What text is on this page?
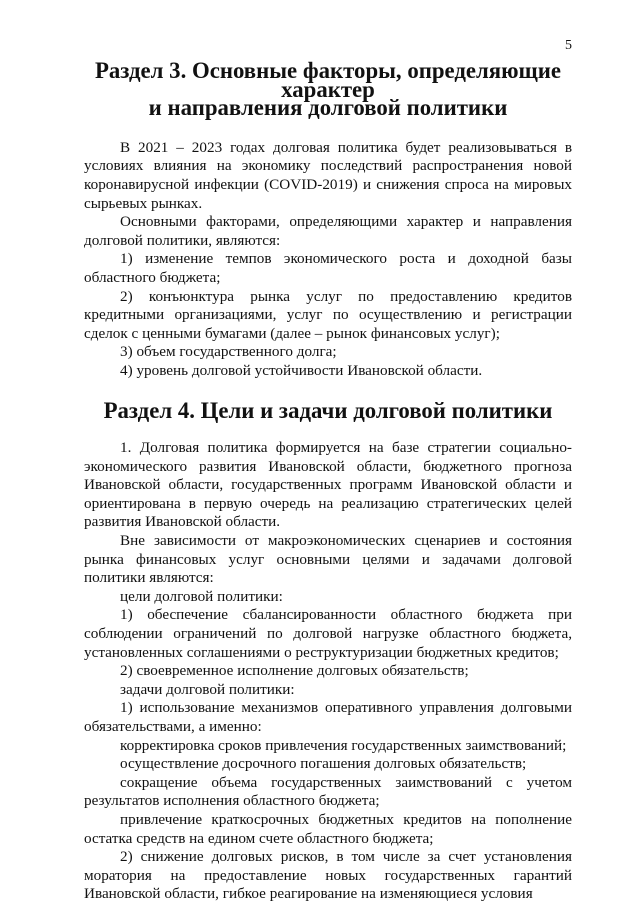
5
Раздел 3. Основные факторы, определяющие характер
и направления долговой политики

В 2021 – 2023 годах долговая политика будет реализовываться в условиях влияния на экономику последствий распространения новой коронавирусной инфекции (COVID-2019) и снижения спроса на мировых сырьевых рынках.

Основными факторами, определяющими характер и направления долговой политики, являются:

1) изменение темпов экономического роста и доходной базы областного бюджета;

2) конъюнктура рынка услуг по предоставлению кредитов кредитными организациями, услуг по осуществлению и регистрации сделок с ценными бумагами (далее – рынок финансовых услуг);

3) объем государственного долга;

4) уровень долговой устойчивости Ивановской области.

Раздел 4. Цели и задачи долговой политики

1. Долговая политика формируется на базе стратегии социально-экономического развития Ивановской области, бюджетного прогноза Ивановской области, государственных программ Ивановской области и ориентирована в первую очередь на реализацию стратегических целей развития Ивановской области.

Вне зависимости от макроэкономических сценариев и состояния рынка финансовых услуг основными целями и задачами долговой политики являются:

цели долговой политики:

1) обеспечение сбалансированности областного бюджета при соблюдении ограничений по долговой нагрузке областного бюджета, установленных соглашениями о реструктуризации бюджетных кредитов;

2) своевременное исполнение долговых обязательств;

задачи долговой политики:

1) использование механизмов оперативного управления долговыми обязательствами, а именно:

корректировка сроков привлечения государственных заимствований;

осуществление досрочного погашения долговых обязательств;

сокращение объема государственных заимствований с учетом результатов исполнения областного бюджета;

привлечение краткосрочных бюджетных кредитов на пополнение остатка средств на едином счете областного бюджета;

2) снижение долговых рисков, в том числе за счет установления моратория на предоставление новых государственных гарантий Ивановской области, гибкое реагирование на изменяющиеся условия
